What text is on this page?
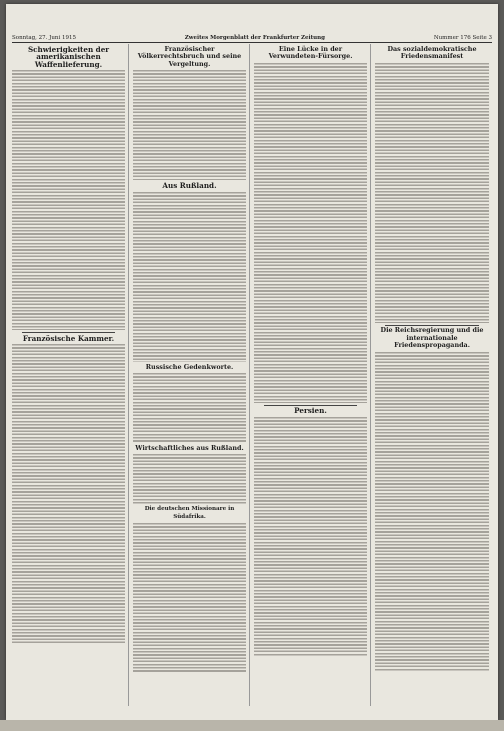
Sonntag, 27. Juni 1915	Zweites Morgenblatt der Frankfurter Zeitung	Nummer 176 Seite 3
Schwierigkeiten der amerikanischen Waffenlieferung.
Französische Kammer.
Französischer Völkerrechtsbruch und seine Vergeltung.
Aus Rußland.
Russische Gedenkworte.
Wirtschaftliches aus Rußland.
Die deutschen Missionare in Südafrika.
Eine Lücke in der Verwundeten-Fürsorge.
Persien.
Das sozialdemokratische Friedensmanifest
Die Reichsregierung und die internationale Friedenspropaganda.
